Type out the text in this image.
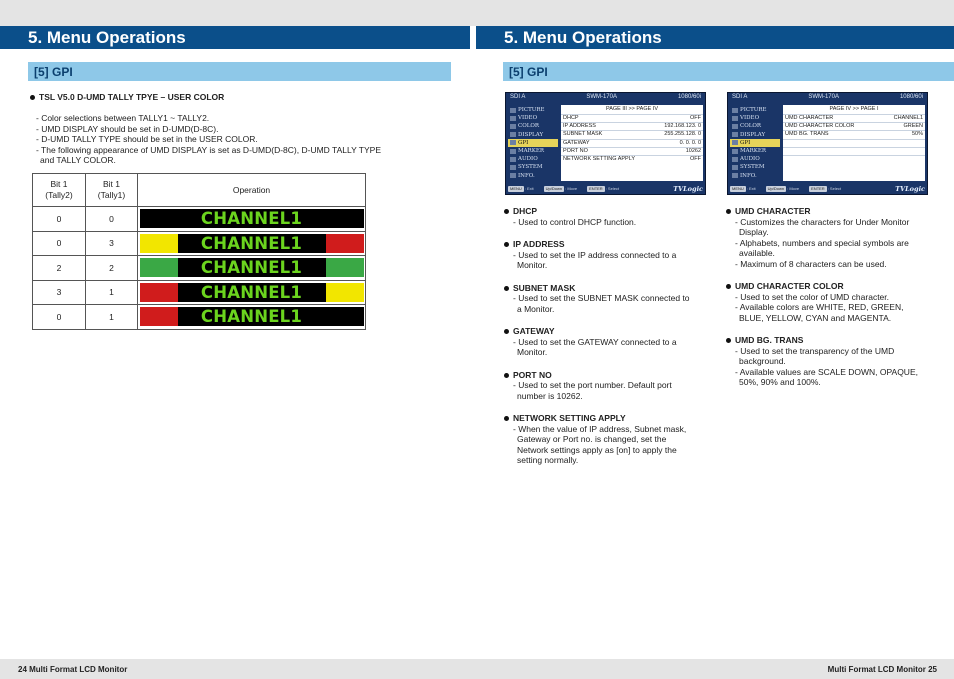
5. Menu Operations	5. Menu Operations
[5] GPI	[5] GPI
TSL V5.0 D-UMD TALLY TPYE – USER COLOR
- Color selections between TALLY1 ~ TALLY2.
- UMD DISPLAY should be set in D-UMD(D-8C).
- D-UMD TALLY TYPE should be set in the USER COLOR.
- The following appearance of UMD DISPLAY is set as D-UMD(D-8C), D-UMD TALLY TYPE
and TALLY COLOR.
Bit 1
(Tally2)	Bit 1
(Tally1)	Operation
0	0	CHANNEL1

0	3	CHANNEL1

2	2	CHANNEL1

3	1	CHANNEL1

0	1	CHANNEL1
SDI A	SWM-170A	1080/60i
PICTURE
VIDEO
COLOR
DISPLAY
GPI
MARKER
AUDIO
SYSTEM
INFO.
PAGE III >> PAGE IV
DHCP	OFF
IP ADDRESS	192.168.123. 0
SUBNET MASK	255.255.128. 0
GATEWAY	0. 0. 0. 0
PORT NO	10262
NETWORK SETTING APPLY	OFF
MENU : Exit	Up/Down : Move	ENTER : Select	TVLogic
SDI A	SWM-170A	1080/60i
PICTURE
VIDEO
COLOR
DISPLAY
GPI
MARKER
AUDIO
SYSTEM
INFO.
PAGE IV >> PAGE I
UMD CHARACTER	CHANNEL1
UMD CHARACTER COLOR	GREEN
UMD BG. TRANS	50%
MENU : Exit	Up/Down : Move	ENTER : Select	TVLogic
DHCP
- Used to control DHCP function.
IP ADDRESS
- Used to set the IP address connected to a
Monitor.
SUBNET MASK
- Used to set the SUBNET MASK connected to
a Monitor.
GATEWAY
- Used to set the GATEWAY connected to a
Monitor.
PORT NO
- Used to set the port number. Default port
number is 10262.
NETWORK SETTING APPLY
- When the value of IP address, Subnet mask,
Gateway or Port no. is changed, set the
Network settings apply as [on] to apply the
setting normally.
UMD CHARACTER
- Customizes the characters for Under Monitor
Display.
- Alphabets, numbers and special symbols are
available.
- Maximum of 8 characters can be used.
UMD CHARACTER COLOR
- Used to set the color of UMD character.
- Available colors are WHITE, RED, GREEN,
BLUE, YELLOW, CYAN and MAGENTA.
UMD BG. TRANS
- Used to set the transparency of the UMD
background.
- Available values are SCALE DOWN, OPAQUE,
50%, 90% and 100%.
24 Multi Format LCD Monitor	Multi Format LCD Monitor 25
